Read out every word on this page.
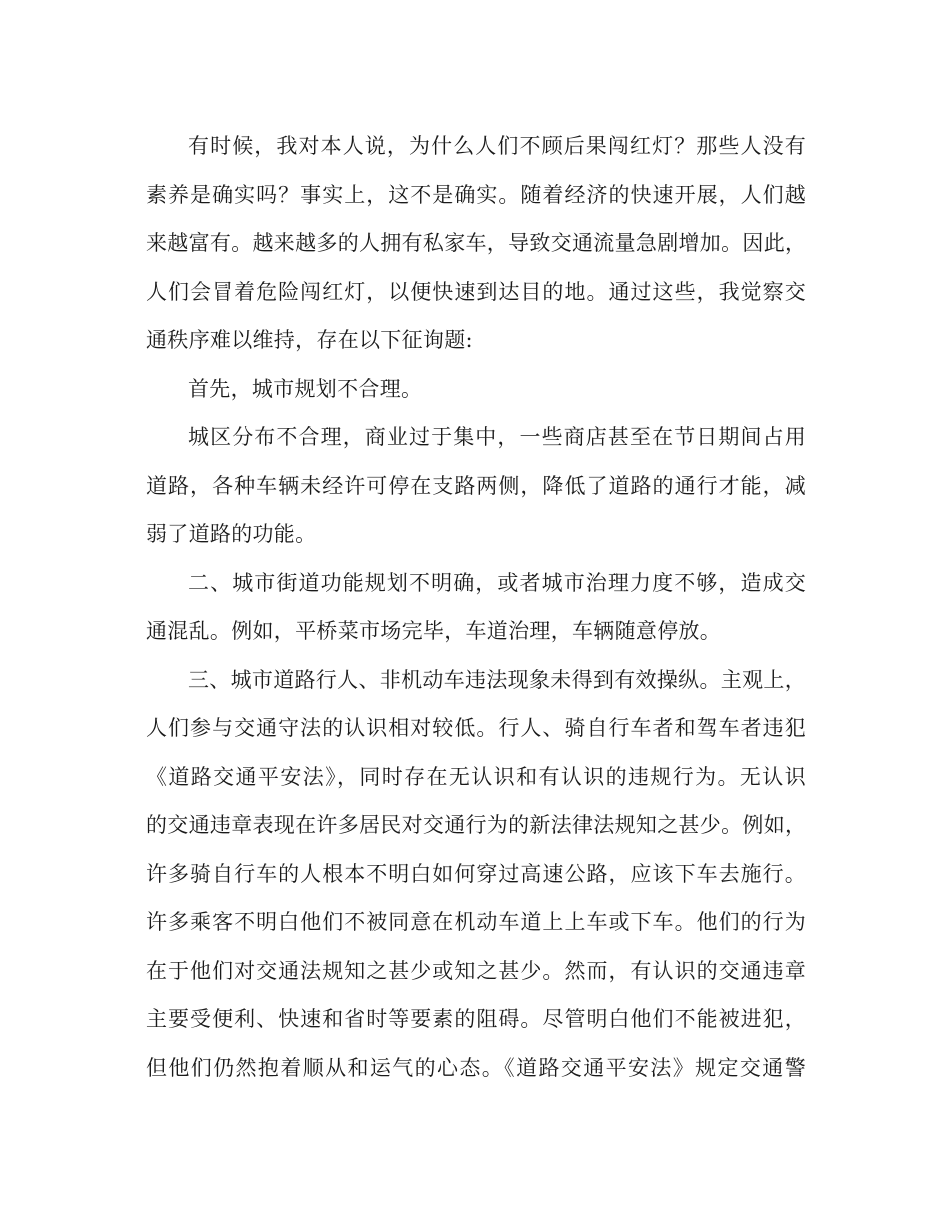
有时候，我对本人说，为什么人们不顾后果闯红灯？那些人没有
素养是确实吗？事实上，这不是确实。随着经济的快速开展，人们越
来越富有。越来越多的人拥有私家车，导致交通流量急剧增加。因此，
人们会冒着危险闯红灯，以便快速到达目的地。通过这些，我觉察交
通秩序难以维持，存在以下征询题:
首先，城市规划不合理。
城区分布不合理，商业过于集中，一些商店甚至在节日期间占用
道路，各种车辆未经许可停在支路两侧，降低了道路的通行才能，减
弱了道路的功能。
二、城市街道功能规划不明确，或者城市治理力度不够，造成交
通混乱。例如，平桥菜市场完毕，车道治理，车辆随意停放。
三、城市道路行人、非机动车违法现象未得到有效操纵。主观上，
人们参与交通守法的认识相对较低。行人、骑自行车者和驾车者违犯
《道路交通平安法》，同时存在无认识和有认识的违规行为。无认识
的交通违章表现在许多居民对交通行为的新法律法规知之甚少。例如，
许多骑自行车的人根本不明白如何穿过高速公路，应该下车去施行。
许多乘客不明白他们不被同意在机动车道上上车或下车。他们的行为
在于他们对交通法规知之甚少或知之甚少。然而，有认识的交通违章
主要受便利、快速和省时等要素的阻碍。尽管明白他们不能被进犯，
但他们仍然抱着顺从和运气的心态。《道路交通平安法》规定交通警
